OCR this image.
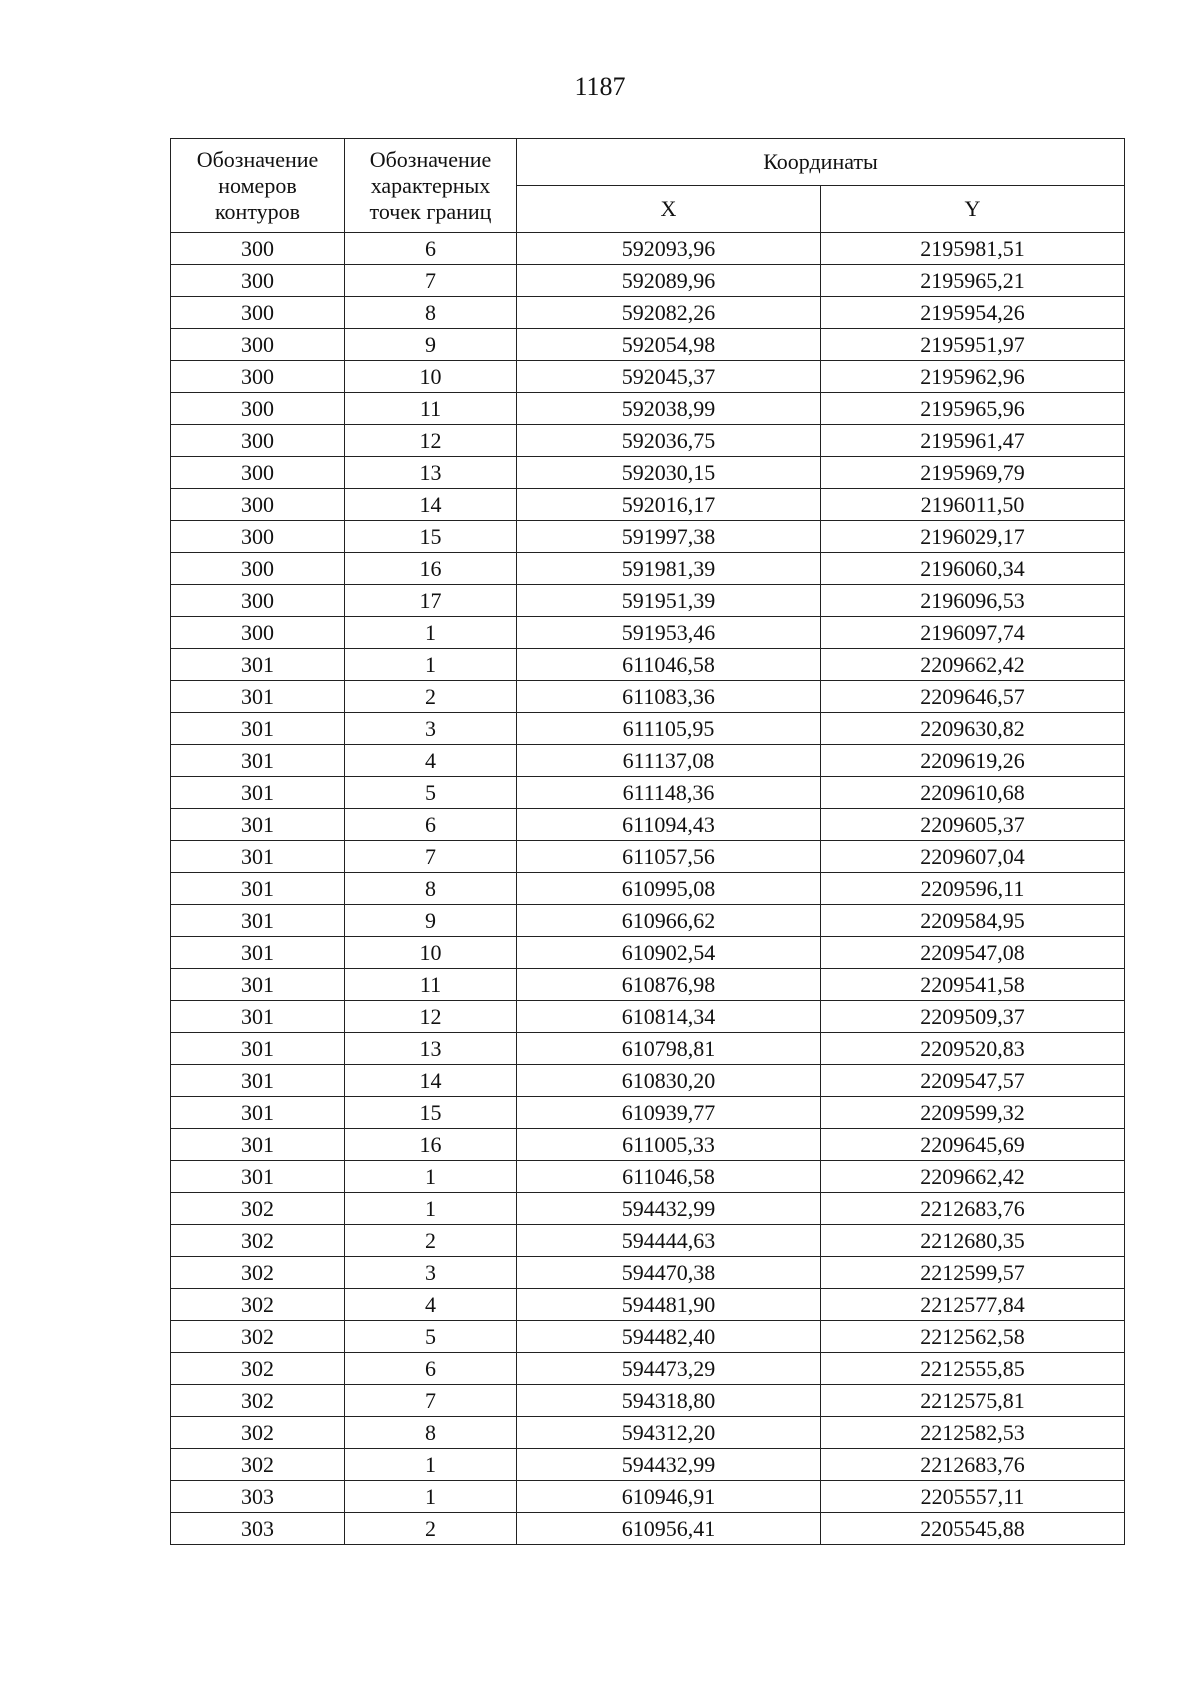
1187
Обозначение
номеров
контуров	Обозначение
характерных
точек границ	Координаты	
		X	Y
300	6	592093,96	2195981,51
300	7	592089,96	2195965,21
300	8	592082,26	2195954,26
300	9	592054,98	2195951,97
300	10	592045,37	2195962,96
300	11	592038,99	2195965,96
300	12	592036,75	2195961,47
300	13	592030,15	2195969,79
300	14	592016,17	2196011,50
300	15	591997,38	2196029,17
300	16	591981,39	2196060,34
300	17	591951,39	2196096,53
300	1	591953,46	2196097,74
301	1	611046,58	2209662,42
301	2	611083,36	2209646,57
301	3	611105,95	2209630,82
301	4	611137,08	2209619,26
301	5	611148,36	2209610,68
301	6	611094,43	2209605,37
301	7	611057,56	2209607,04
301	8	610995,08	2209596,11
301	9	610966,62	2209584,95
301	10	610902,54	2209547,08
301	11	610876,98	2209541,58
301	12	610814,34	2209509,37
301	13	610798,81	2209520,83
301	14	610830,20	2209547,57
301	15	610939,77	2209599,32
301	16	611005,33	2209645,69
301	1	611046,58	2209662,42
302	1	594432,99	2212683,76
302	2	594444,63	2212680,35
302	3	594470,38	2212599,57
302	4	594481,90	2212577,84
302	5	594482,40	2212562,58
302	6	594473,29	2212555,85
302	7	594318,80	2212575,81
302	8	594312,20	2212582,53
302	1	594432,99	2212683,76
303	1	610946,91	2205557,11
303	2	610956,41	2205545,88
